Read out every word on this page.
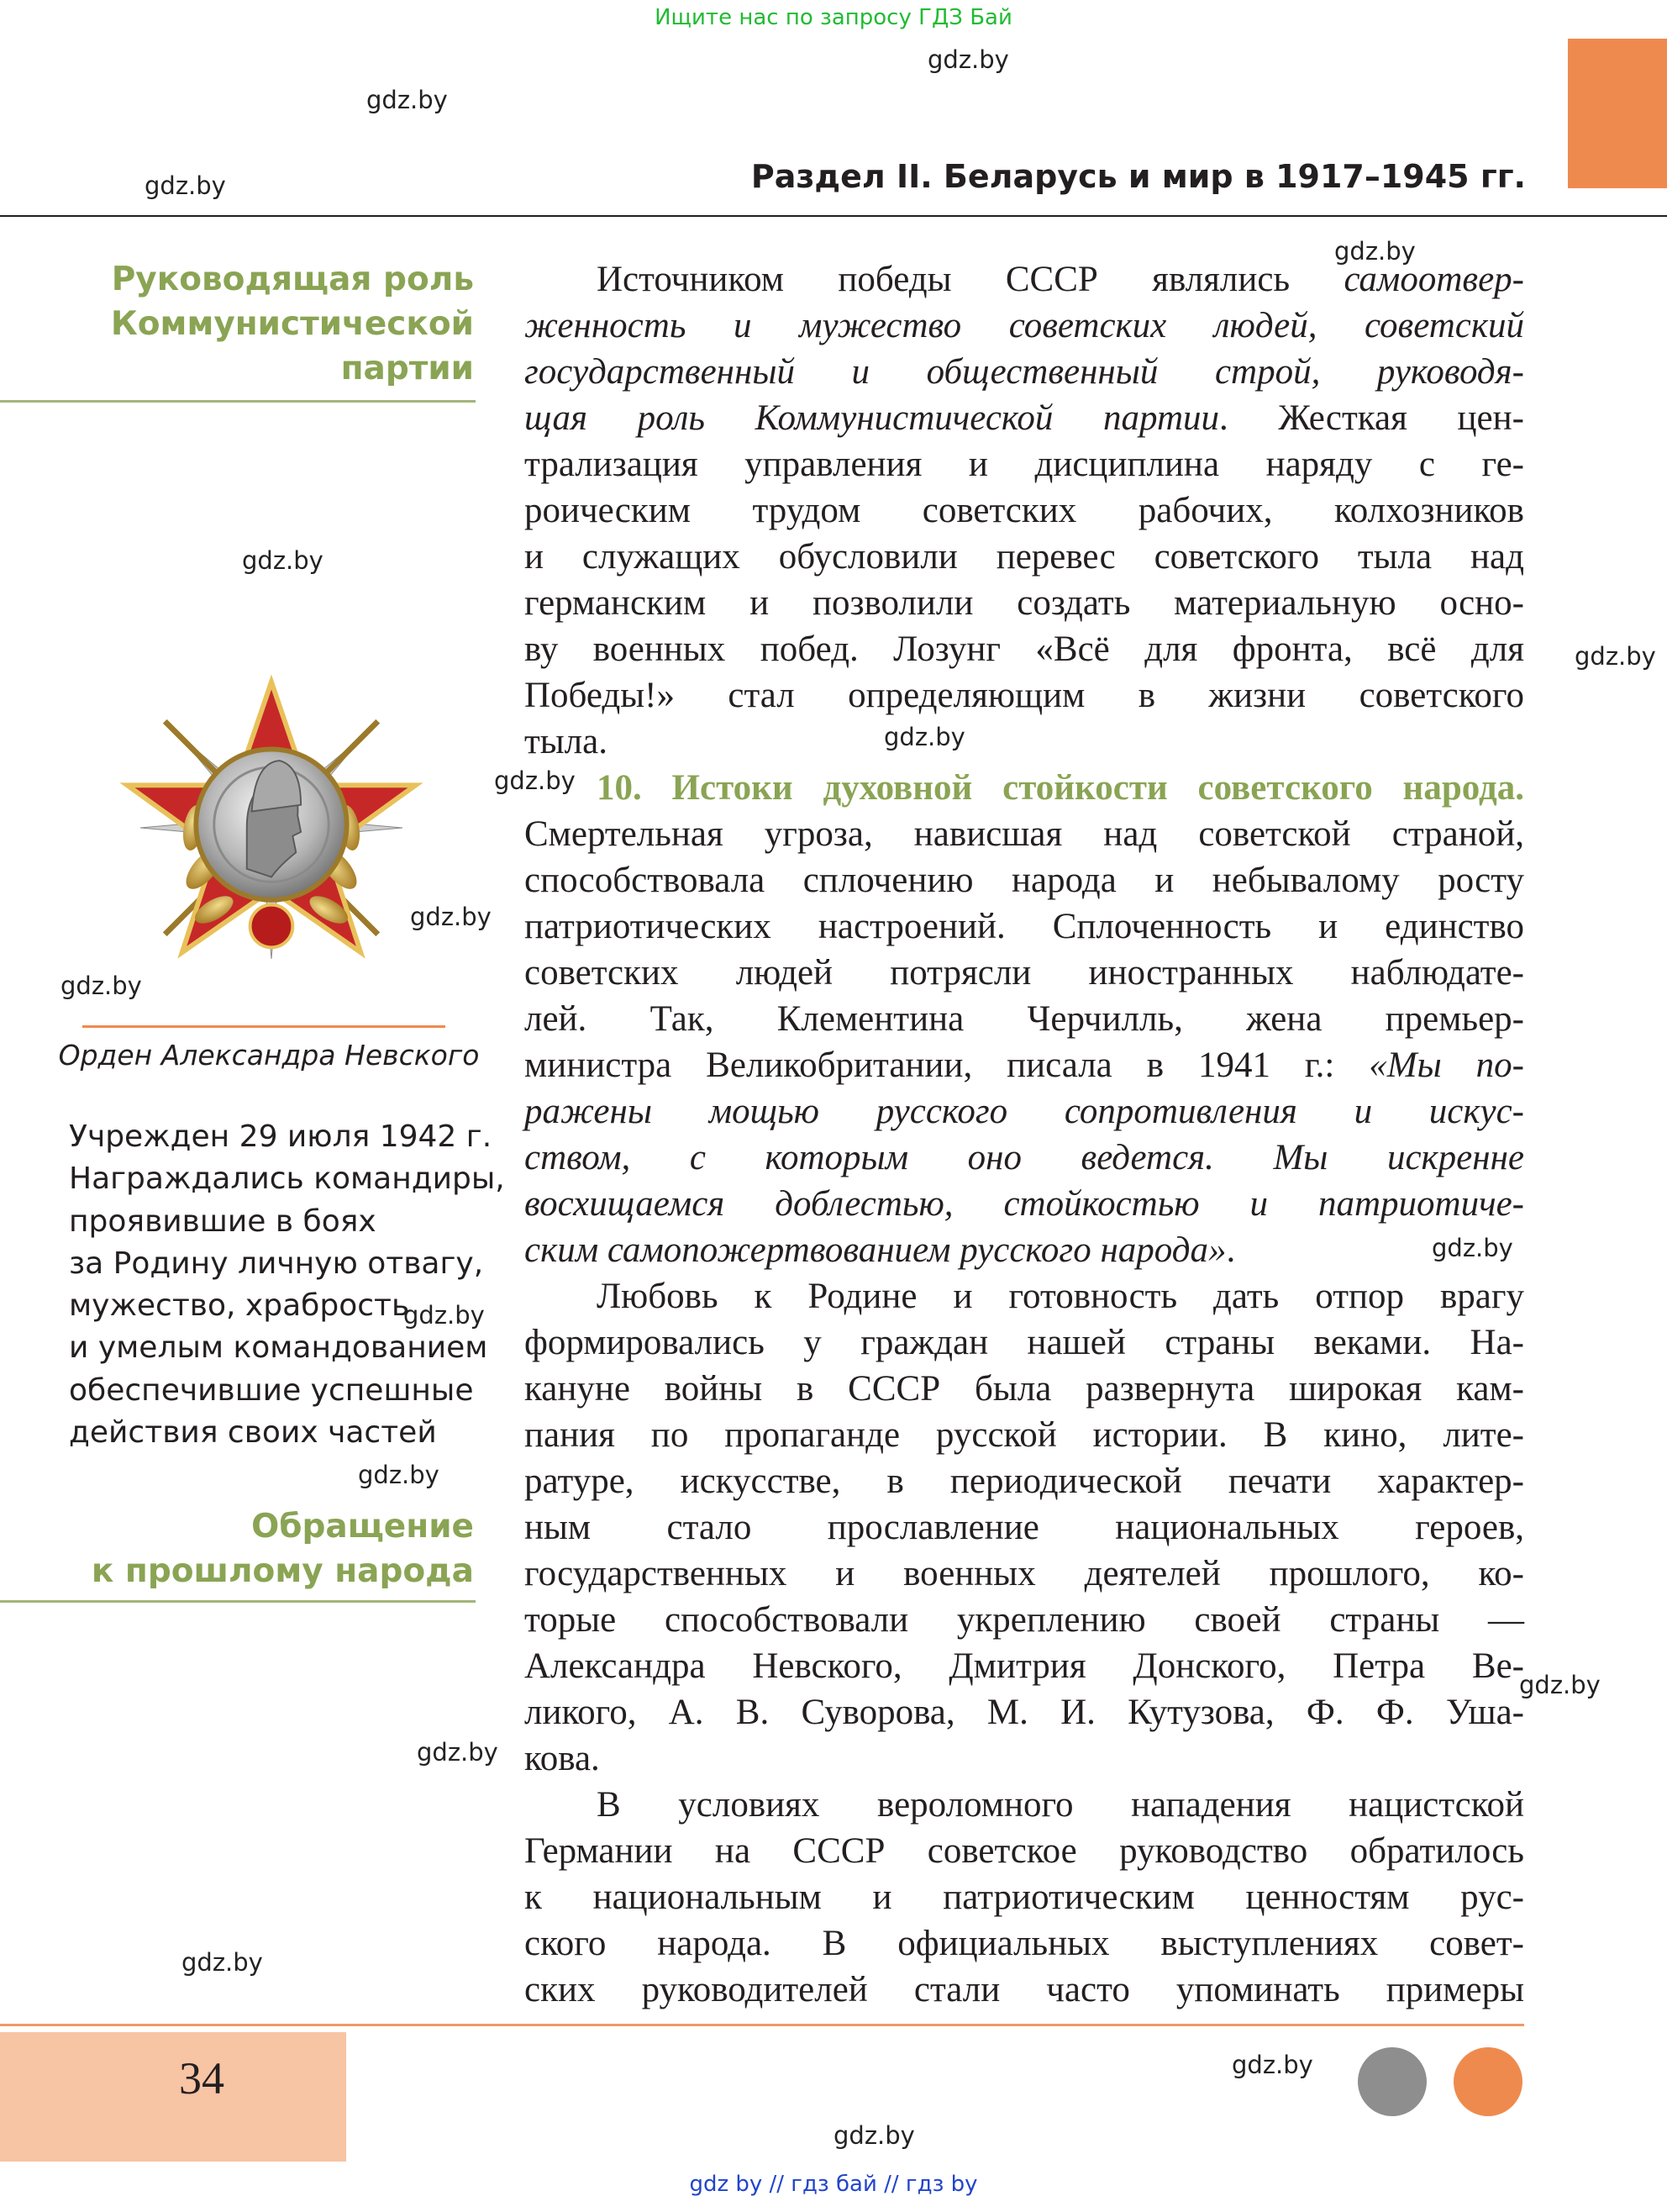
Ищите нас по запросу ГДЗ Бай
Раздел II. Беларусь и мир в 1917–1945 гг.
Руководящая роль
Коммунистической
партии
Орден Александра Невского

Учрежден 29 июля 1942 г.
Награждались командиры,
проявившие в боях
за Родину личную отвагу,
мужество, храбрость
и умелым командованием
обеспечившие успешные
действия своих частей

Обращение
к прошлому народа
Источником победы СССР являлись самоотвер-
женность и мужество советских людей, советский
государственный и общественный строй, руководя-
щая роль Коммунистической партии. Жесткая цен-
трализация управления и дисциплина наряду с ге-
роическим трудом советских рабочих, колхозников
и служащих обусловили перевес советского тыла над
германским и позволили создать материальную осно-
ву военных побед. Лозунг «Всё для фронта, всё для
Победы!» стал определяющим в жизни советского
тыла.
10. Истоки духовной стойкости советского народа.
Смертельная угроза, нависшая над советской страной,
способствовала сплочению народа и небывалому росту
патриотических настроений. Сплоченность и единство
советских людей потрясли иностранных наблюдате-
лей. Так, Клементина Черчилль, жена премьер-
министра Великобритании, писала в 1941 г.: «Мы по-
ражены мощью русского сопротивления и искус-
ством, с которым оно ведется. Мы искренне
восхищаемся доблестью, стойкостью и патриотиче-
ским самопожертвованием русского народа».
Любовь к Родине и готовность дать отпор врагу
формировались у граждан нашей страны веками. На-
кануне войны в СССР была развернута широкая кам-
пания по пропаганде русской истории. В кино, лите-
ратуре, искусстве, в периодической печати характер-
ным стало прославление национальных героев,
государственных и военных деятелей прошлого, ко-
торые способствовали укреплению своей страны —
Александра Невского, Дмитрия Донского, Петра Ве-
ликого, А. В. Суворова, М. И. Кутузова, Ф. Ф. Уша-
кова.
В условиях вероломного нападения нацистской
Германии на СССР советское руководство обратилось
к национальным и патриотическим ценностям рус-
ского народа. В официальных выступлениях совет-
ских руководителей стали часто упоминать примеры
gdz.by
gdz.by
gdz.by
gdz.by
gdz.by
gdz.by
gdz.by
gdz.by
gdz.by
gdz.by
gdz.by
gdz.by
gdz.by
gdz.by
gdz.by
gdz.by
gdz.by
gdz.by
34
gdz by // гдз бай // гдз by
